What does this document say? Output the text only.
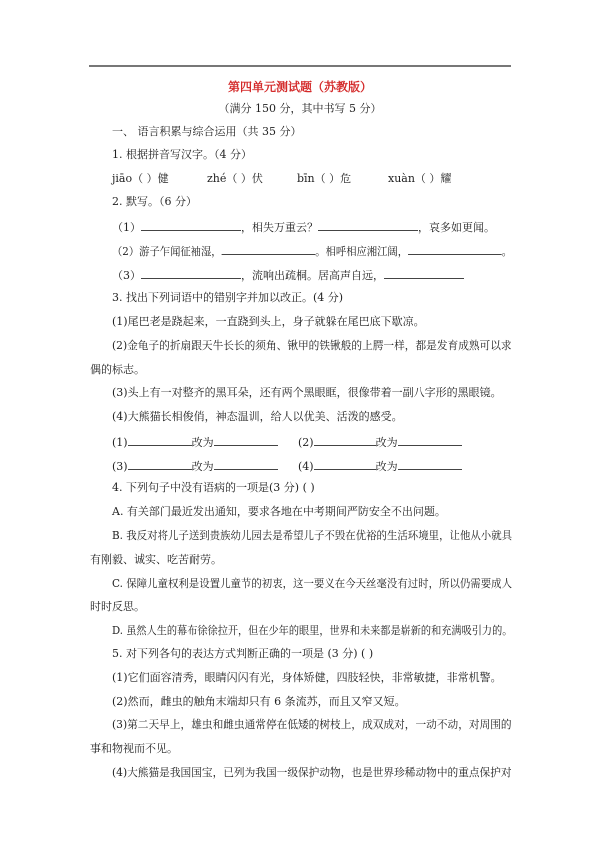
第四单元测试题（苏教版）
（满分 150 分，其中书写 5 分）
一、 语言积累与综合运用（共 35 分）
1. 根据拼音写汉字。（4 分）
jiāo（ ）健	zhé（ ）伏	bīn（ ）危	xuàn（ ）耀
2. 默写。（6 分）
（1）	，相失万重云？	，哀多如更闻。
（2）游子乍闻征袖湿，	。相呼相应湘江阔，	。
（3）	，流响出疏桐。居高声自远，
3. 找出下列词语中的错别字并加以改正。(4 分)
(1)尾巴老是跷起来，一直跷到头上，身子就躲在尾巴底下歇凉。
(2)金龟子的折扇跟天牛长长的须角、锹甲的铁锹般的上腭一样，都是发育成熟可以求
偶的标志。
(3)头上有一对整齐的黑耳朵，还有两个黑眼眶，很像带着一副八字形的黑眼镜。
(4)大熊猫长相俊俏，神态温训，给人以优美、活泼的感受。
(1)	改为	(2)	改为
(3)	改为	(4)	改为
4. 下列句子中没有语病的一项是(3 分) ( )
A. 有关部门最近发出通知，要求各地在中考期间严防安全不出问题。
B. 我反对将儿子送到贵族幼儿园去是希望儿子不毁在优裕的生活环境里，让他从小就具
有刚毅、诚实、吃苦耐劳。
C. 保障儿童权利是设置儿童节的初衷，这一要义在今天丝毫没有过时，所以仍需要成人
时时反思。
D. 虽然人生的幕布徐徐拉开，但在少年的眼里，世界和未来都是崭新的和充满吸引力的。
5. 对下列各句的表达方式判断正确的一项是 (3 分) ( )
(1)它们面容清秀，眼睛闪闪有光，身体矫健，四肢轻快，非常敏捷，非常机警。
(2)然而，雌虫的触角末端却只有 6 条流苏，而且又窄又短。
(3)第二天早上，雄虫和雌虫通常停在低矮的树枝上，成双成对，一动不动，对周围的
事和物视而不见。
(4)大熊猫是我国国宝，已列为我国一级保护动物，也是世界珍稀动物中的重点保护对
